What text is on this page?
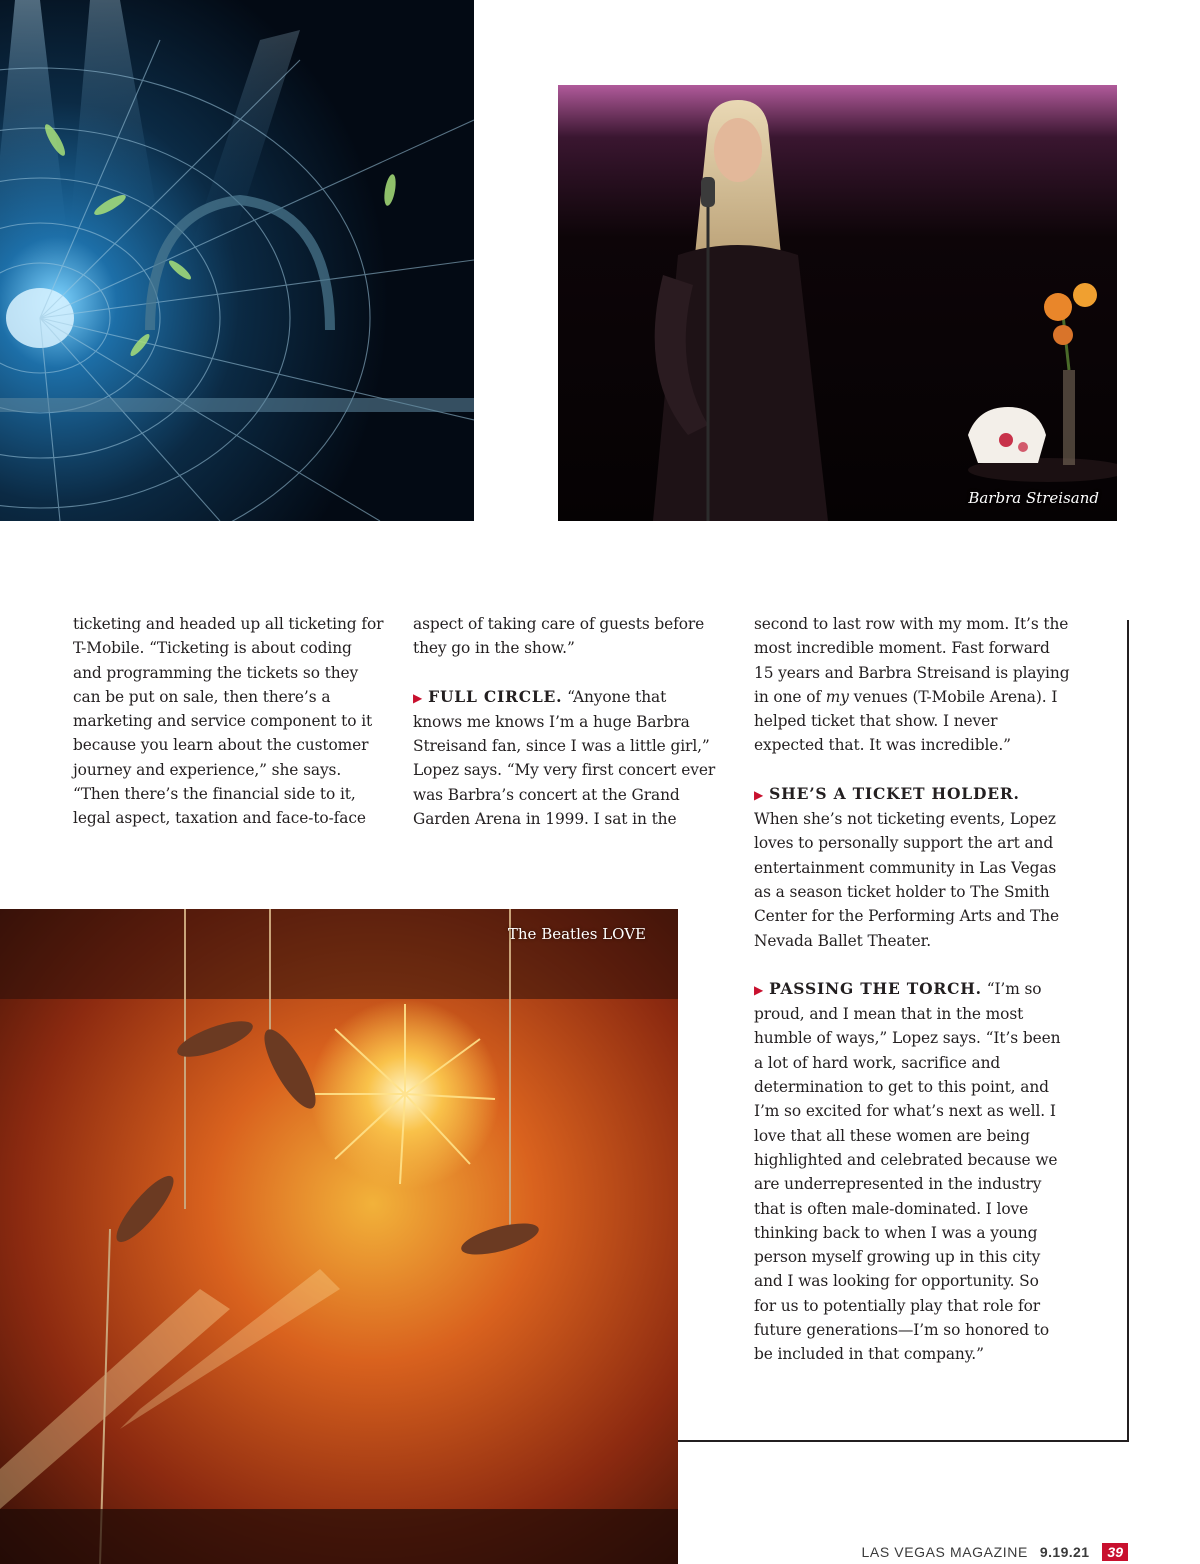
Barbra Streisand
The Beatles LOVE

ticketing and headed up all ticketing for
T-Mobile. “Ticketing is about coding
and programming the tickets so they
can be put on sale, then there’s a
marketing and service component to it
because you learn about the customer
journey and experience,” she says.
“Then there’s the financial side to it,
legal aspect, taxation and face-to-face

aspect of taking care of guests before
they go in the show.”

▶ FULL CIRCLE. “Anyone that
knows me knows I’m a huge Barbra
Streisand fan, since I was a little girl,”
Lopez says. “My very first concert ever
was Barbra’s concert at the Grand
Garden Arena in 1999. I sat in the

second to last row with my mom. It’s the
most incredible moment. Fast forward
15 years and Barbra Streisand is playing
in one of my venues (T-Mobile Arena). I
helped ticket that show. I never
expected that. It was incredible.”

▶ SHE’S A TICKET HOLDER.
When she’s not ticketing events, Lopez
loves to personally support the art and
entertainment community in Las Vegas
as a season ticket holder to The Smith
Center for the Performing Arts and The
Nevada Ballet Theater.

▶ PASSING THE TORCH. “I’m so
proud, and I mean that in the most
humble of ways,” Lopez says. “It’s been
a lot of hard work, sacrifice and
determination to get to this point, and
I’m so excited for what’s next as well. I
love that all these women are being
highlighted and celebrated because we
are underrepresented in the industry
that is often male-dominated. I love
thinking back to when I was a young
person myself growing up in this city
and I was looking for opportunity. So
for us to potentially play that role for
future generations—I’m so honored to
be included in that company.”

LAS VEGAS MAGAZINE 9.19.21	39
